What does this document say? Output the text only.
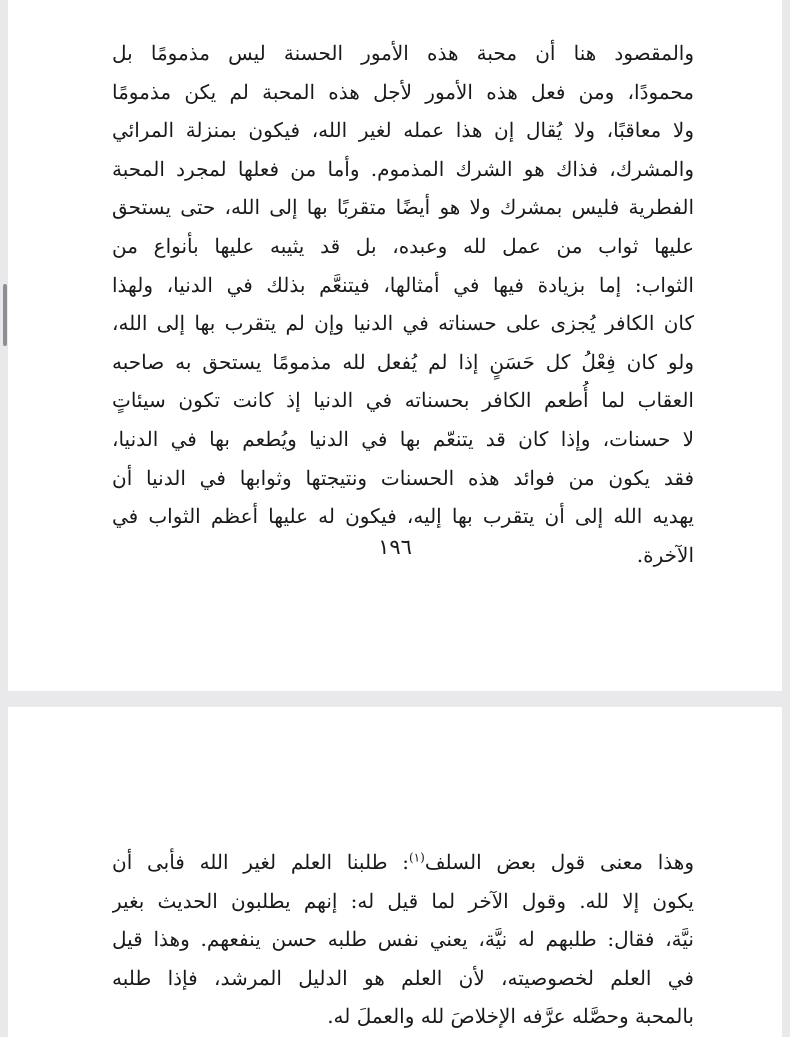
والمقصود هنا أن محبة هذه الأمور الحسنة ليس مذمومًا بل
محمودًا، ومن فعل هذه الأمور لأجل هذه المحبة لم يكن مذمومًا
ولا معاقبًا، ولا يُقال إن هذا عمله لغير الله، فيكون بمنزلة المرائي
والمشرك، فذاك هو الشرك المذموم. وأما من فعلها لمجرد المحبة
الفطرية فليس بمشرك ولا هو أيضًا متقربًا بها إلى الله، حتى يستحق
عليها ثواب من عمل لله وعبده، بل قد يثيبه عليها بأنواع من
الثواب: إما بزيادة فيها في أمثالها، فيتنعَّم بذلك في الدنيا، ولهذا
كان الكافر يُجزى على حسناته في الدنيا وإن لم يتقرب بها إلى الله،
ولو كان فِعْلُ كل حَسَنٍ إذا لم يُفعل لله مذمومًا يستحق به صاحبه
العقاب لما أُطعم الكافر بحسناته في الدنيا إذ كانت تكون سيئاتٍ
لا حسنات، وإذا كان قد يتنعّم بها في الدنيا ويُطعم بها في الدنيا،
فقد يكون من فوائد هذه الحسنات ونتيجتها وثوابها في الدنيا أن
يهديه الله إلى أن يتقرب بها إليه، فيكون له عليها أعظم الثواب في
الآخرة.
١٩٦
وهذا معنى قول بعض السلف$^{(١)}$: طلبنا العلم لغير الله فأبى أن
يكون إلا لله. وقول الآخر لما قيل له: إنهم يطلبون الحديث بغير
نيَّة، فقال: طلبهم له نيَّة، يعني نفس طلبه حسن ينفعهم. وهذا قيل
في العلم لخصوصيته، لأن العلم هو الدليل المرشد، فإذا طلبه
بالمحبة وحصَّله عرَّفه الإخلاصَ لله والعملَ له.
